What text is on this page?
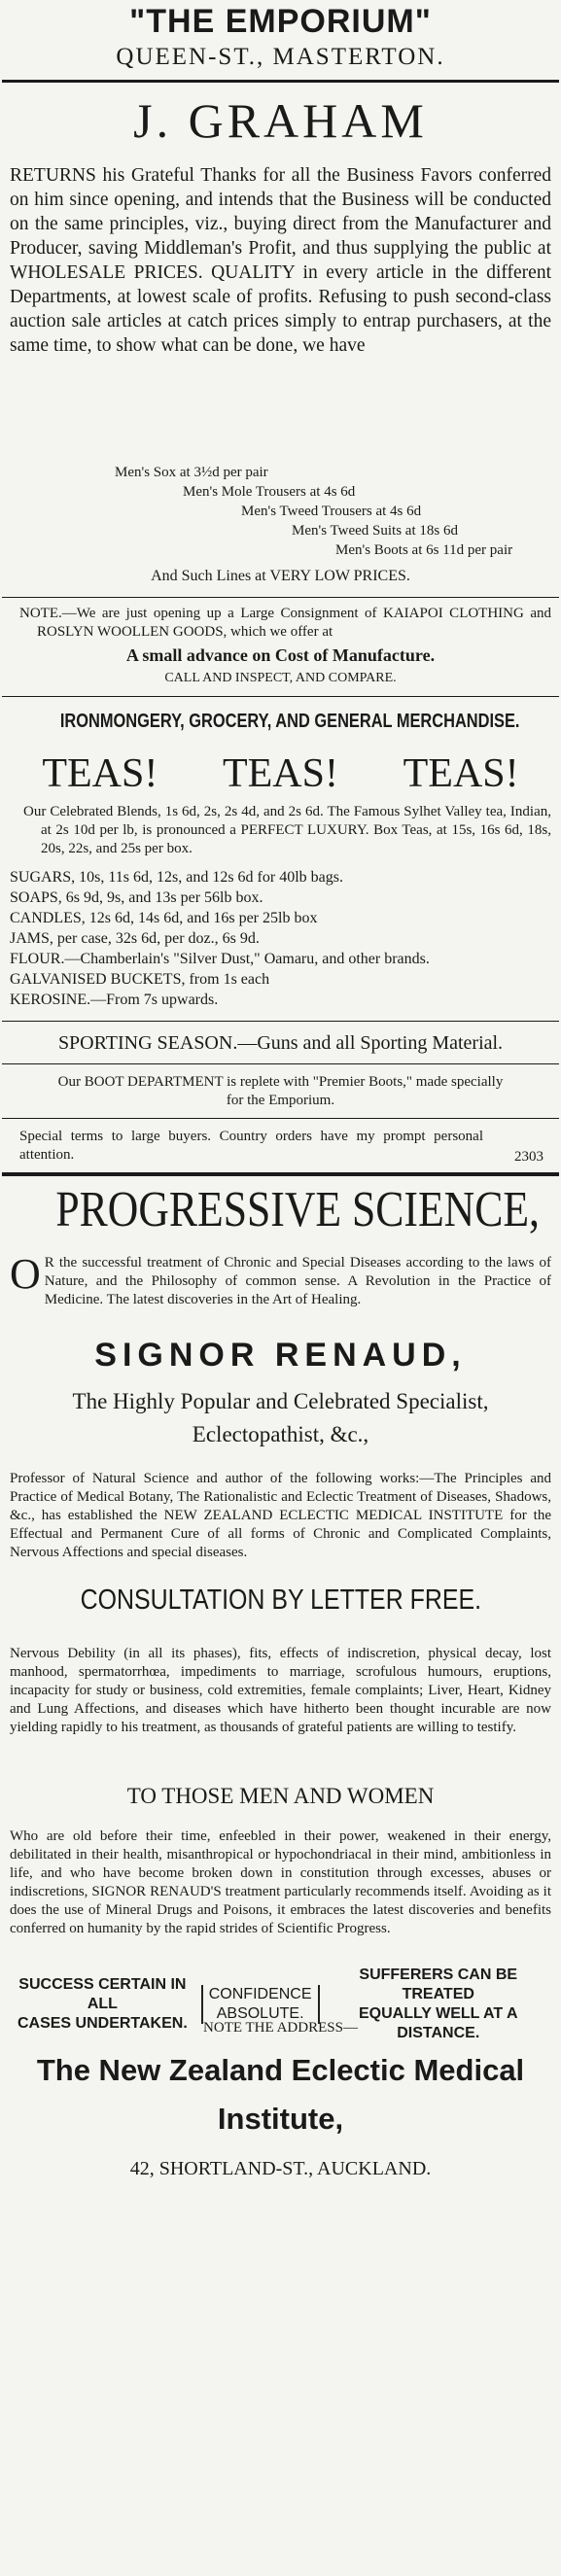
"THE EMPORIUM"
QUEEN-ST., MASTERTON.
J. GRAHAM
RETURNS his Grateful Thanks for all the Business Favors conferred on him since opening, and intends that the Business will be conducted on the same principles, viz., buying direct from the Manufacturer and Producer, saving Middleman's Profit, and thus supplying the public at WHOLESALE PRICES. QUALITY in every article in the different Departments, at lowest scale of profits. Refusing to push second-class auction sale articles at catch prices simply to entrap purchasers, at the same time, to show what can be done, we have
Men's Sox at 3½d per pair
Men's Mole Trousers at 4s 6d
Men's Tweed Trousers at 4s 6d
Men's Tweed Suits at 18s 6d
Men's Boots at 6s 11d per pair
And Such Lines at VERY LOW PRICES.
NOTE.—We are just opening up a Large Consignment of KAIAPOI CLOTHING and ROSLYN WOOLLEN GOODS, which we offer at
A small advance on Cost of Manufacture.
CALL AND INSPECT, AND COMPARE.
IRONMONGERY, GROCERY, AND GENERAL MERCHANDISE.
TEAS! TEAS! TEAS!
Our Celebrated Blends, 1s 6d, 2s, 2s 4d, and 2s 6d. The Famous Sylhet Valley tea, Indian, at 2s 10d per lb, is pronounced a PERFECT LUXURY. Box Teas, at 15s, 16s 6d, 18s, 20s, 22s, and 25s per box.
SUGARS, 10s, 11s 6d, 12s, and 12s 6d for 40lb bags.
SOAPS, 6s 9d, 9s, and 13s per 56lb box.
CANDLES, 12s 6d, 14s 6d, and 16s per 25lb box
JAMS, per case, 32s 6d, per doz., 6s 9d.
FLOUR.—Chamberlain's "Silver Dust," Oamaru, and other brands.
GALVANISED BUCKETS, from 1s each
KEROSINE.—From 7s upwards.
SPORTING SEASON.—Guns and all Sporting Material.
Our BOOT DEPARTMENT is replete with "Premier Boots," made specially for the Emporium.
Special terms to large buyers. Country orders have my prompt personal attention.	2303
PROGRESSIVE SCIENCE,
O R the successful treatment of Chronic and Special Diseases according to the laws of Nature, and the Philosophy of common sense. A Revolution in the Practice of Medicine. The latest discoveries in the Art of Healing.
SIGNOR RENAUD,
The Highly Popular and Celebrated Specialist,
Eclectopathist, &c.,
Professor of Natural Science and author of the following works:—The Principles and Practice of Medical Botany, The Rationalistic and Eclectic Treatment of Diseases, Shadows, &c., has established the NEW ZEALAND ECLECTIC MEDICAL INSTITUTE for the Effectual and Permanent Cure of all forms of Chronic and Complicated Complaints, Nervous Affections and special diseases.
CONSULTATION BY LETTER FREE.
Nervous Debility (in all its phases), fits, effects of indiscretion, physical decay, lost manhood, spermatorrhœa, impediments to marriage, scrofulous humours, eruptions, incapacity for study or business, cold extremities, female complaints; Liver, Heart, Kidney and Lung Affections, and diseases which have hitherto been thought incurable are now yielding rapidly to his treatment, as thousands of grateful patients are willing to testify.
TO THOSE MEN AND WOMEN
Who are old before their time, enfeebled in their power, weakened in their energy, debilitated in their health, misanthropical or hypochondriacal in their mind, ambitionless in life, and who have become broken down in constitution through excesses, abuses or indiscretions, SIGNOR RENAUD'S treatment particularly recommends itself. Avoiding as it does the use of Mineral Drugs and Poisons, it embraces the latest discoveries and benefits conferred on humanity by the rapid strides of Scientific Progress.
SUCCESS CERTAIN IN ALL
CASES UNDERTAKEN.
CONFIDENCE
ABSOLUTE.
SUFFERERS CAN BE TREATED
EQUALLY WELL AT A DISTANCE.
NOTE THE ADDRESS—
The New Zealand Eclectic Medical
Institute,
42, SHORTLAND-ST., AUCKLAND.
